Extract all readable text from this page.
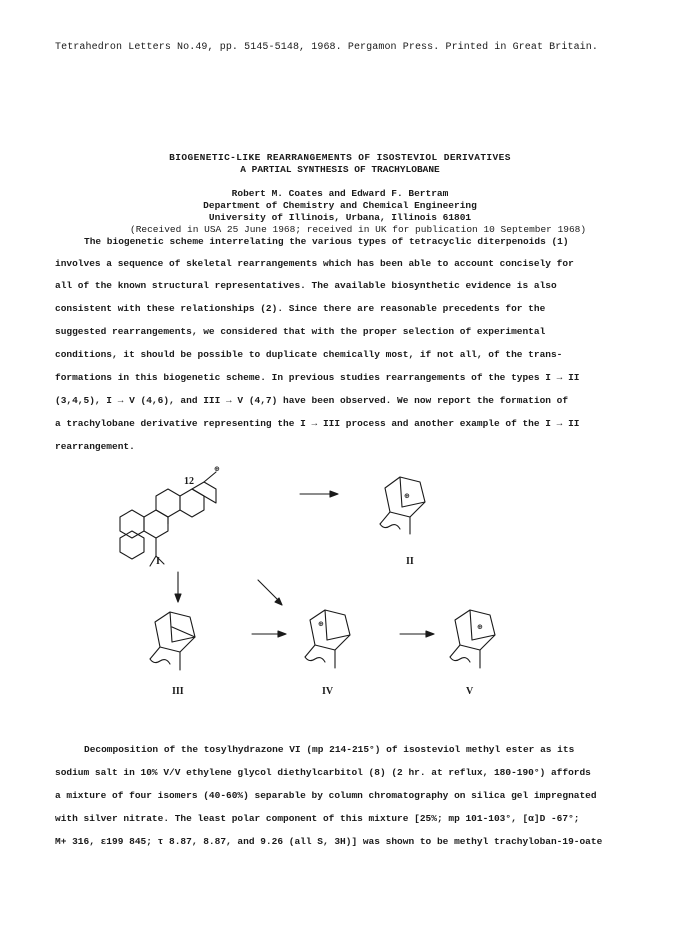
Tetrahedron Letters No.49, pp. 5145-5148, 1968. Pergamon Press. Printed in Great Britain.
BIOGENETIC-LIKE REARRANGEMENTS OF ISOSTEVIOL DERIVATIVES
A PARTIAL SYNTHESIS OF TRACHYLOBANE
Robert M. Coates and Edward F. Bertram
Department of Chemistry and Chemical Engineering
University of Illinois, Urbana, Illinois 61801
(Received in USA 25 June 1968; received in UK for publication 10 September 1968)
The biogenetic scheme interrelating the various types of tetracyclic diterpenoids (1)
involves a sequence of skeletal rearrangements which has been able to account concisely for
all of the known structural representatives. The available biosynthetic evidence is also
consistent with these relationships (2). Since there are reasonable precedents for the
suggested rearrangements, we considered that with the proper selection of experimental
conditions, it should be possible to duplicate chemically most, if not all, of the trans-
formations in this biogenetic scheme. In previous studies rearrangements of the types I → II
(3,4,5), I → V (4,6), and III → V (4,7) have been observed. We now report the formation of
a trachylobane derivative representing the I → III process and another example of the I → II
rearrangement.
12
⊕
I
⊕
II
III
⊕
IV
⊕
V
Decomposition of the tosylhydrazone VI (mp 214-215°) of isosteviol methyl ester as its
sodium salt in 10% V/V ethylene glycol diethylcarbitol (8) (2 hr. at reflux, 180-190°) affords
a mixture of four isomers (40-60%) separable by column chromatography on silica gel impregnated
with silver nitrate. The least polar component of this mixture [25%; mp 101-103°, [α]D -67°;
M+ 316, ε199 845; τ 8.87, 8.87, and 9.26 (all S, 3H)] was shown to be methyl trachyloban-19-oate
